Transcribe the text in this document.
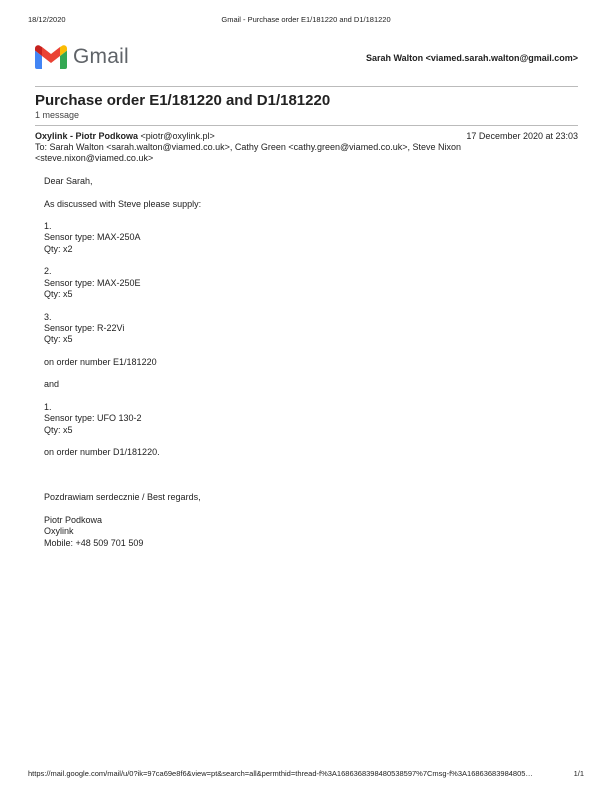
18/12/2020	Gmail - Purchase order E1/181220 and D1/181220
Gmail	Sarah Walton <viamed.sarah.walton@gmail.com>
Purchase order E1/181220 and D1/181220
1 message
Oxylink - Piotr Podkowa <piotr@oxylink.pl>	17 December 2020 at 23:03
To: Sarah Walton <sarah.walton@viamed.co.uk>, Cathy Green <cathy.green@viamed.co.uk>, Steve Nixon <steve.nixon@viamed.co.uk>
Dear Sarah,
As discussed with Steve please supply:
1.
Sensor type: MAX-250A
Qty: x2
2.
Sensor type: MAX-250E
Qty: x5
3.
Sensor type: R-22Vi
Qty: x5
on order number E1/181220
and
1.
Sensor type: UFO 130-2
Qty: x5
on order number D1/181220.
Pozdrawiam serdecznie / Best regards,
Piotr Podkowa
Oxylink
Mobile: +48 509 701 509
https://mail.google.com/mail/u/0?ik=97ca69e8f6&view=pt&search=all&permthid=thread-f%3A1686368398480538597%7Cmsg-f%3A16863683984805…	1/1
